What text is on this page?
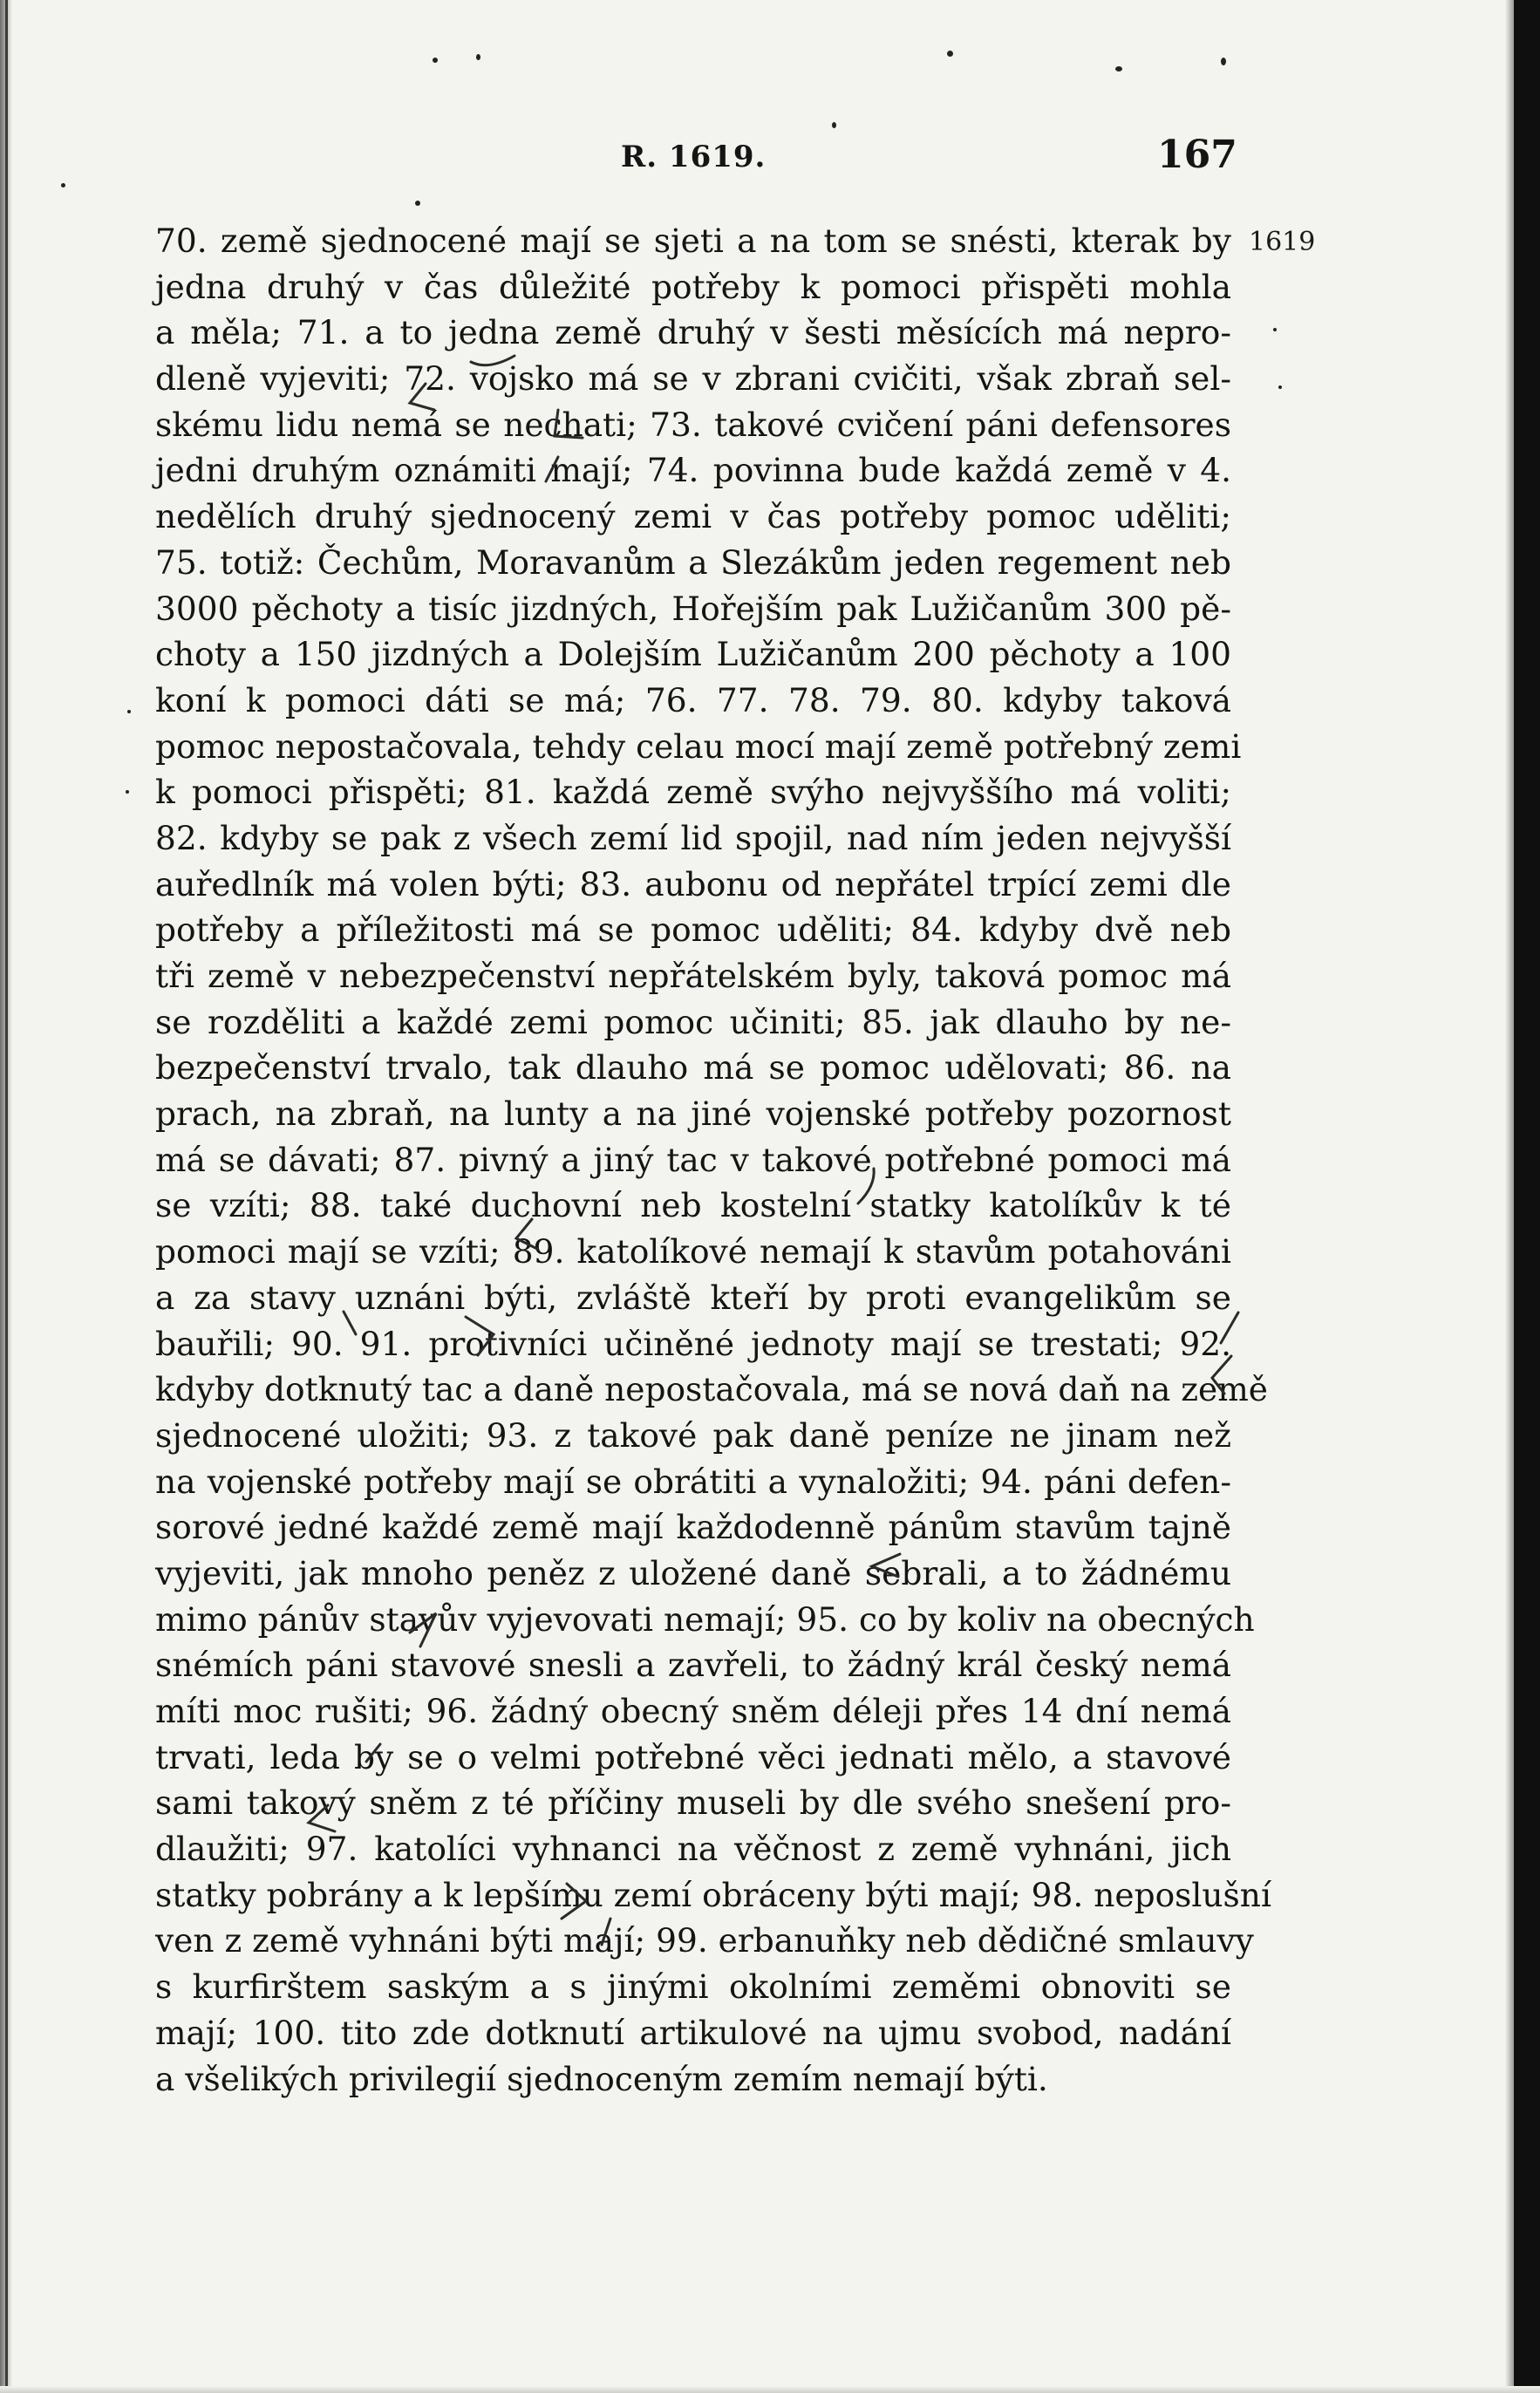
R. 1619.	167
1619
70. země sjednocené mají se sjeti a na tom se snésti, kterak by
jedna druhý v čas důležité potřeby k pomoci přispěti mohla
a měla; 71. a to jedna země druhý v šesti měsících má nepro-
dleně vyjeviti; 72. vojsko má se v zbrani cvičiti, však zbraň sel-
skému lidu nemá se nechati; 73. takové cvičení páni defensores
jedni druhým oznámiti mají; 74. povinna bude každá země v 4.
nedělích druhý sjednocený zemi v čas potřeby pomoc uděliti;
75. totiž: Čechům, Moravanům a Slezákům jeden regement neb
3000 pěchoty a tisíc jizdných, Hořejším pak Lužičanům 300 pě-
choty a 150 jizdných a Dolejším Lužičanům 200 pěchoty a 100
koní k pomoci dáti se má; 76. 77. 78. 79. 80. kdyby taková
pomoc nepostačovala, tehdy celau mocí mají země potřebný zemi
k pomoci přispěti; 81. každá země svýho nejvyššího má voliti;
82. kdyby se pak z všech zemí lid spojil, nad ním jeden nejvyšší
auředlník má volen býti; 83. aubonu od nepřátel trpící zemi dle
potřeby a příležitosti má se pomoc uděliti; 84. kdyby dvě neb
tři země v nebezpečenství nepřátelském byly, taková pomoc má
se rozděliti a každé zemi pomoc učiniti; 85. jak dlauho by ne-
bezpečenství trvalo, tak dlauho má se pomoc udělovati; 86. na
prach, na zbraň, na lunty a na jiné vojenské potřeby pozornost
má se dávati; 87. pivný a jiný tac v takové potřebné pomoci má
se vzíti; 88. také duchovní neb kostelní statky katolíkův k té
pomoci mají se vzíti; 89. katolíkové nemají k stavům potahováni
a za stavy uznáni býti, zvláště kteří by proti evangelikům se
bauřili; 90. 91. protivníci učiněné jednoty mají se trestati; 92.
kdyby dotknutý tac a daně nepostačovala, má se nová daň na země
sjednocené uložiti; 93. z takové pak daně peníze ne jinam než
na vojenské potřeby mají se obrátiti a vynaložiti; 94. páni defen-
sorové jedné každé země mají každodenně pánům stavům tajně
vyjeviti, jak mnoho peněz z uložené daně sebrali, a to žádnému
mimo pánův stavův vyjevovati nemají; 95. co by koliv na obecných
snémích páni stavové snesli a zavřeli, to žádný král český nemá
míti moc rušiti; 96. žádný obecný sněm déleji přes 14 dní nemá
trvati, leda by se o velmi potřebné věci jednati mělo, a stavové
sami takový sněm z té příčiny museli by dle svého snešení pro-
dlaužiti; 97. katolíci vyhnanci na věčnost z země vyhnáni, jich
statky pobrány a k lepšímu zemí obráceny býti mají; 98. neposlušní
ven z země vyhnáni býti mají; 99. erbanuňky neb dědičné smlauvy
s kurfirštem saským a s jinými okolními zeměmi obnoviti se
mají; 100. tito zde dotknutí artikulové na ujmu svobod, nadání
a všelikých privilegií sjednoceným zemím nemají býti.
